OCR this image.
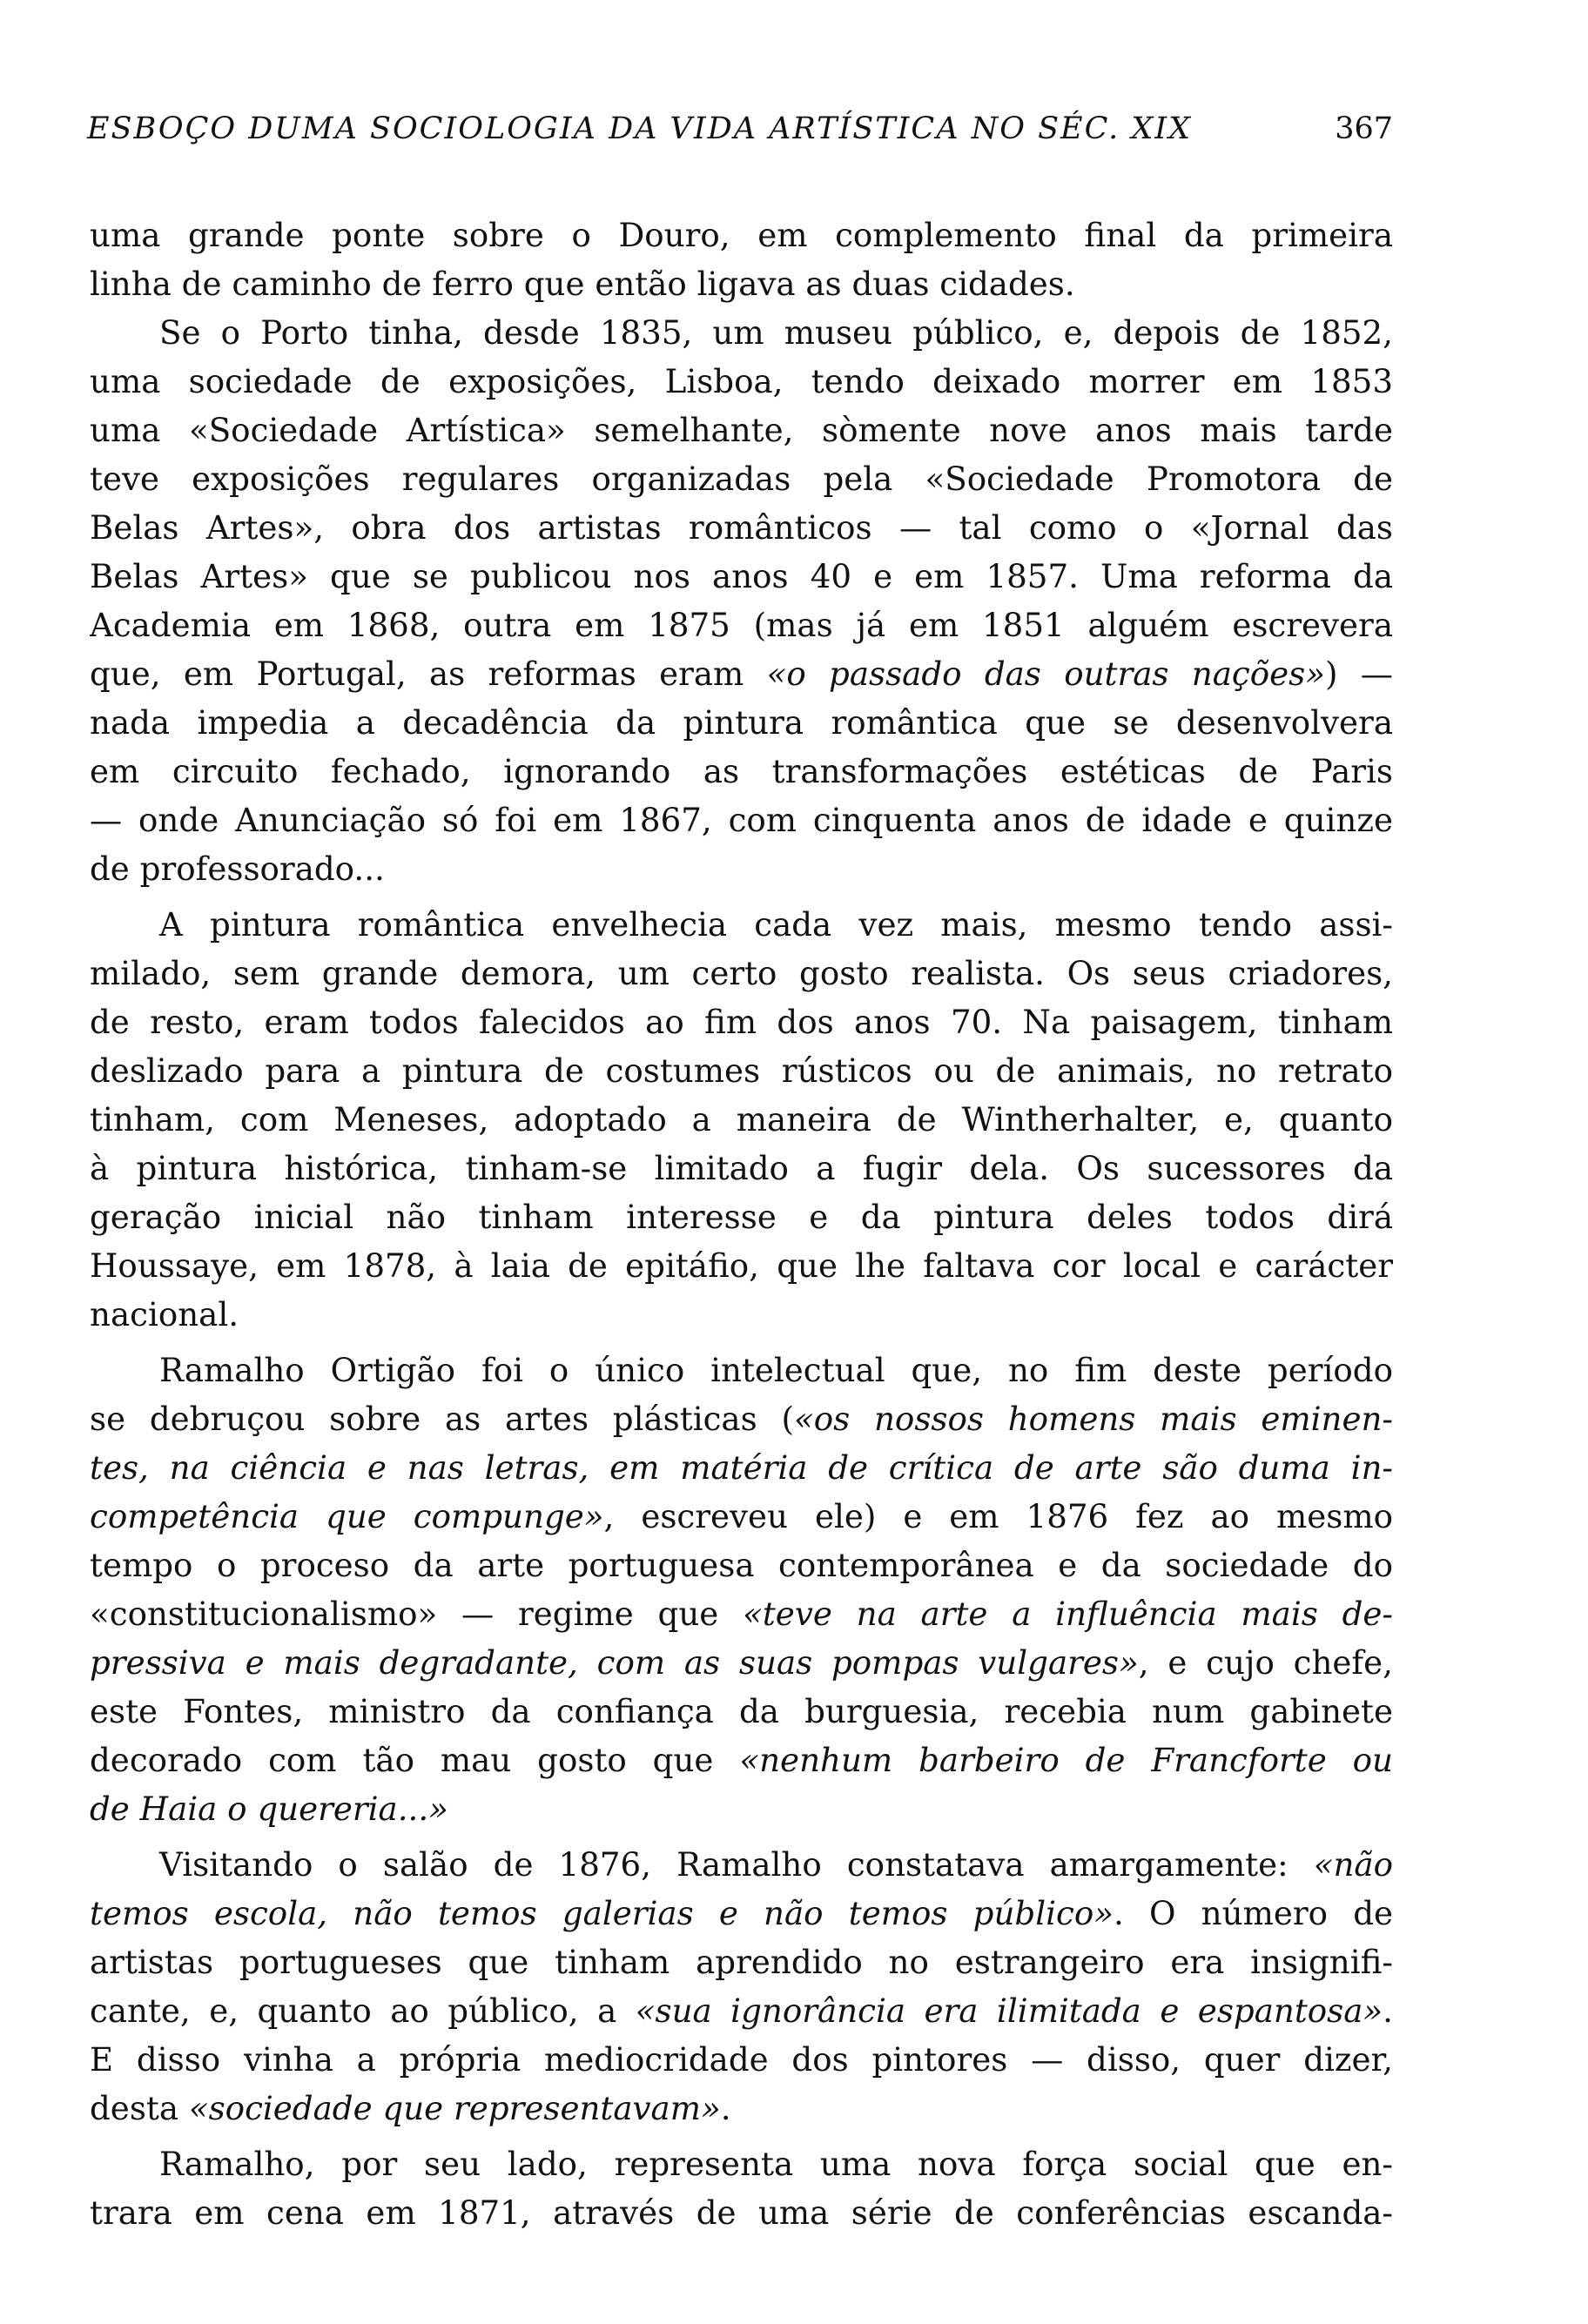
ESBOÇO DUMA SOCIOLOGIA DA VIDA ARTÍSTICA NO SÉC. XIX	367
uma grande ponte sobre o Douro, em complemento final da primeira
linha de caminho de ferro que então ligava as duas cidades.
Se o Porto tinha, desde 1835, um museu público, e, depois de 1852,
uma sociedade de exposições, Lisboa, tendo deixado morrer em 1853
uma «Sociedade Artística» semelhante, sòmente nove anos mais tarde
teve exposições regulares organizadas pela «Sociedade Promotora de
Belas Artes», obra dos artistas românticos — tal como o «Jornal das
Belas Artes» que se publicou nos anos 40 e em 1857. Uma reforma da
Academia em 1868, outra em 1875 (mas já em 1851 alguém escrevera
que, em Portugal, as reformas eram «o passado das outras nações») —
nada impedia a decadência da pintura romântica que se desenvolvera
em circuito fechado, ignorando as transformações estéticas de Paris
— onde Anunciação só foi em 1867, com cinquenta anos de idade e quinze
de professorado...
A pintura romântica envelhecia cada vez mais, mesmo tendo assi-
milado, sem grande demora, um certo gosto realista. Os seus criadores,
de resto, eram todos falecidos ao fim dos anos 70. Na paisagem, tinham
deslizado para a pintura de costumes rústicos ou de animais, no retrato
tinham, com Meneses, adoptado a maneira de Wintherhalter, e, quanto
à pintura histórica, tinham-se limitado a fugir dela. Os sucessores da
geração inicial não tinham interesse e da pintura deles todos dirá
Houssaye, em 1878, à laia de epitáfio, que lhe faltava cor local e carácter
nacional.
Ramalho Ortigão foi o único intelectual que, no fim deste período
se debruçou sobre as artes plásticas («os nossos homens mais eminen-
tes, na ciência e nas letras, em matéria de crítica de arte são duma in-
competência que compunge», escreveu ele) e em 1876 fez ao mesmo
tempo o proceso da arte portuguesa contemporânea e da sociedade do
«constitucionalismo» — regime que «teve na arte a influência mais de-
pressiva e mais degradante, com as suas pompas vulgares», e cujo chefe,
este Fontes, ministro da confiança da burguesia, recebia num gabinete
decorado com tão mau gosto que «nenhum barbeiro de Francforte ou
de Haia o quereria...»
Visitando o salão de 1876, Ramalho constatava amargamente: «não
temos escola, não temos galerias e não temos público». O número de
artistas portugueses que tinham aprendido no estrangeiro era insignifi-
cante, e, quanto ao público, a «sua ignorância era ilimitada e espantosa».
E disso vinha a própria mediocridade dos pintores — disso, quer dizer,
desta «sociedade que representavam».
Ramalho, por seu lado, representa uma nova força social que en-
trara em cena em 1871, através de uma série de conferências escanda-
